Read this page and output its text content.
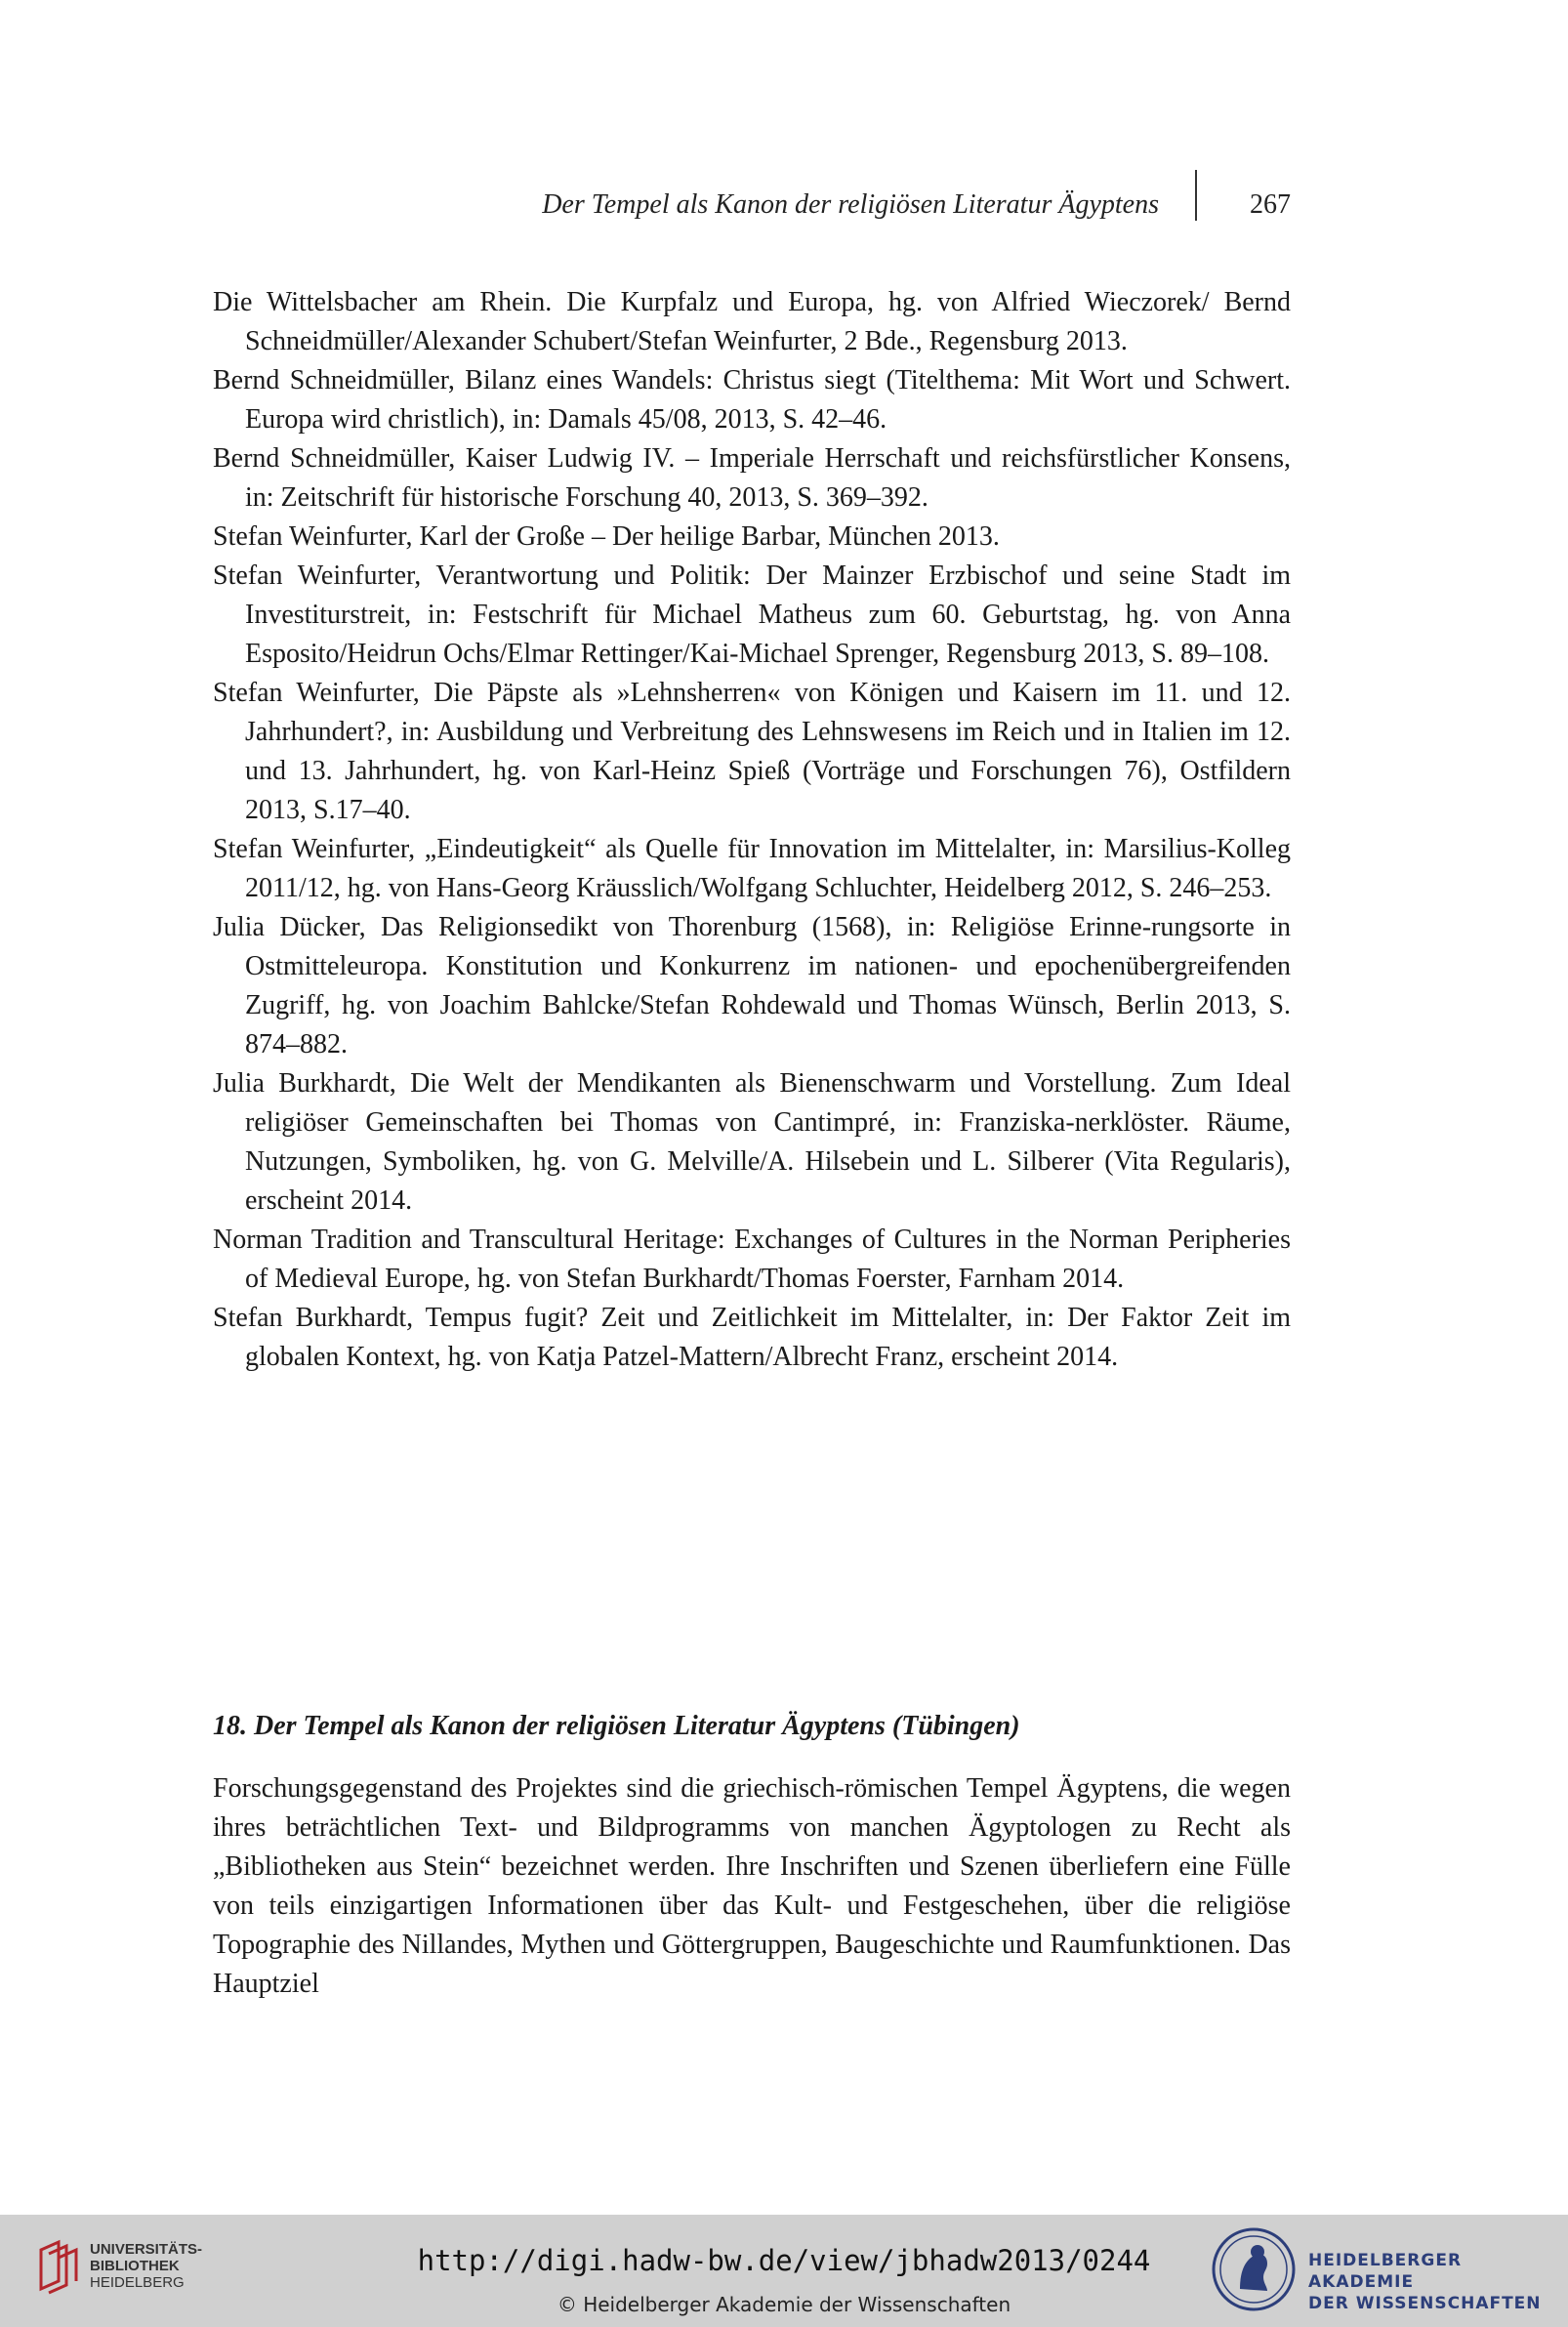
Der Tempel als Kanon der religiösen Literatur Ägyptens	267

Die Wittelsbacher am Rhein. Die Kurpfalz und Europa, hg. von Alfried Wieczorek/ Bernd Schneidmüller/Alexander Schubert/Stefan Weinfurter, 2 Bde., Regensburg 2013.

Bernd Schneidmüller, Bilanz eines Wandels: Christus siegt (Titelthema: Mit Wort und Schwert. Europa wird christlich), in: Damals 45/08, 2013, S. 42–46.

Bernd Schneidmüller, Kaiser Ludwig IV. – Imperiale Herrschaft und reichsfürstlicher Konsens, in: Zeitschrift für historische Forschung 40, 2013, S. 369–392.

Stefan Weinfurter, Karl der Große – Der heilige Barbar, München 2013.

Stefan Weinfurter, Verantwortung und Politik: Der Mainzer Erzbischof und seine Stadt im Investiturstreit, in: Festschrift für Michael Matheus zum 60. Geburtstag, hg. von Anna Esposito/Heidrun Ochs/Elmar Rettinger/Kai-Michael Sprenger, Regensburg 2013, S. 89–108.

Stefan Weinfurter, Die Päpste als »Lehnsherren« von Königen und Kaisern im 11. und 12. Jahrhundert?, in: Ausbildung und Verbreitung des Lehnswesens im Reich und in Italien im 12. und 13. Jahrhundert, hg. von Karl-Heinz Spieß (Vorträge und Forschungen 76), Ostfildern 2013, S.17–40.

Stefan Weinfurter, „Eindeutigkeit“ als Quelle für Innovation im Mittelalter, in: Marsilius-Kolleg 2011/12, hg. von Hans-Georg Kräusslich/Wolfgang Schluchter, Heidelberg 2012, S. 246–253.

Julia Dücker, Das Religionsedikt von Thorenburg (1568), in: Religiöse Erinne-rungsorte in Ostmitteleuropa. Konstitution und Konkurrenz im nationen- und epochenübergreifenden Zugriff, hg. von Joachim Bahlcke/Stefan Rohdewald und Thomas Wünsch, Berlin 2013, S. 874–882.

Julia Burkhardt, Die Welt der Mendikanten als Bienenschwarm und Vorstellung. Zum Ideal religiöser Gemeinschaften bei Thomas von Cantimpré, in: Franziska-nerklöster. Räume, Nutzungen, Symboliken, hg. von G. Melville/A. Hilsebein und L. Silberer (Vita Regularis), erscheint 2014.

Norman Tradition and Transcultural Heritage: Exchanges of Cultures in the Norman Peripheries of Medieval Europe, hg. von Stefan Burkhardt/Thomas Foerster, Farnham 2014.

Stefan Burkhardt, Tempus fugit? Zeit und Zeitlichkeit im Mittelalter, in: Der Faktor Zeit im globalen Kontext, hg. von Katja Patzel-Mattern/Albrecht Franz, erscheint 2014.

18. Der Tempel als Kanon der religiösen Literatur Ägyptens (Tübingen)

Forschungsgegenstand des Projektes sind die griechisch-römischen Tempel Ägyptens, die wegen ihres beträchtlichen Text- und Bildprogramms von manchen Ägyptologen zu Recht als „Bibliotheken aus Stein“ bezeichnet werden. Ihre Inschriften und Szenen überliefern eine Fülle von teils einzigartigen Informationen über das Kult- und Festgeschehen, über die religiöse Topographie des Nillandes, Mythen und Göttergruppen, Baugeschichte und Raumfunktionen. Das Hauptziel

UNIVERSITÄTS-
BIBLIOTHEK
HEIDELBERG
http://digi.hadw-bw.de/view/jbhadw2013/0244
© Heidelberger Akademie der Wissenschaften
HEIDELBERGER AKADEMIE
DER WISSENSCHAFTEN
